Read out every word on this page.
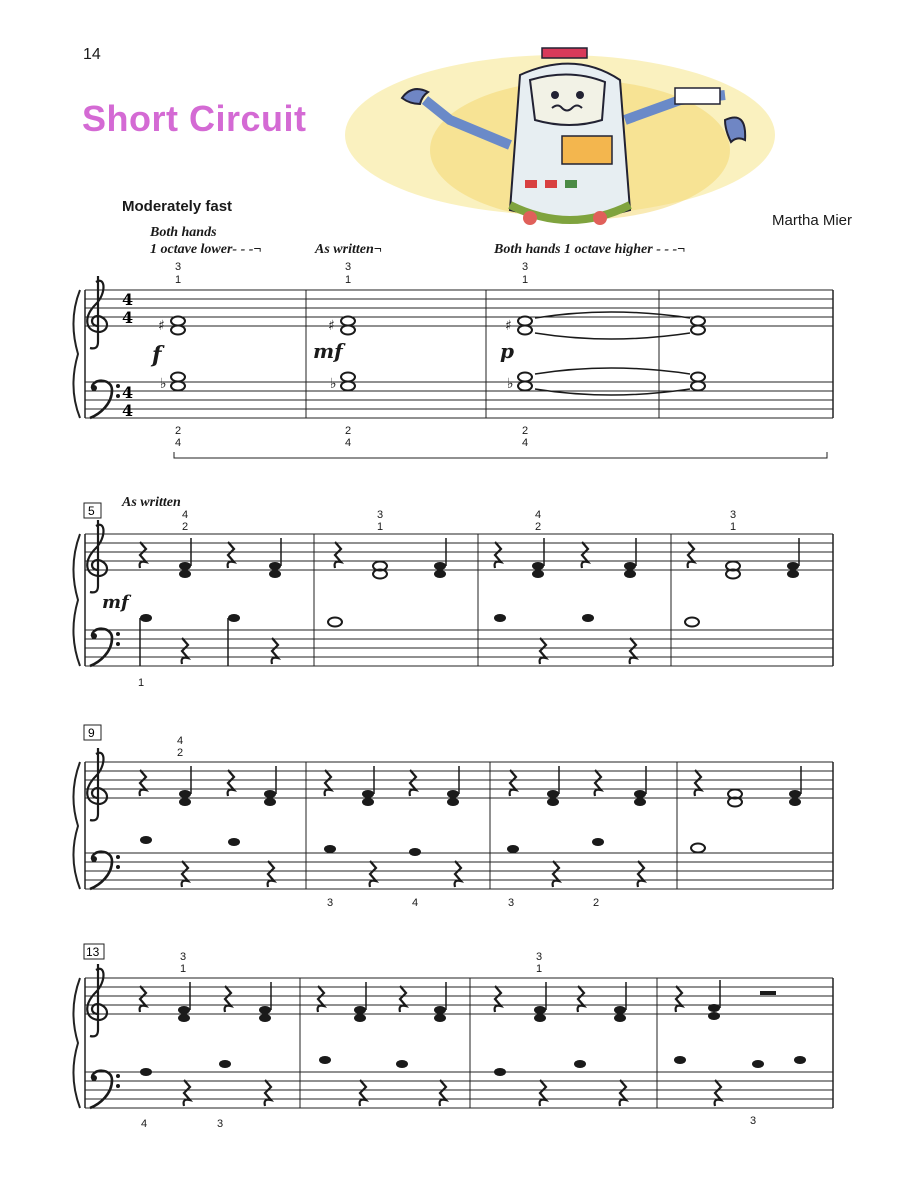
14
Short Circuit
Moderately fast
Martha Mier
Both hands
1 octave lower- - -¬	As written¬	Both hands 1 octave higher - - -¬
As written
4
4
4
4
♯
♭
♯
♭
♯
♭
f	mf	p
mf
3
1
3
1
3
1
2
4
2
4
2
4
5	4
2
3
1
4
2
3
1
1
9
4
2
3	4	3	2
13	3
1
3
1
4	3	3
